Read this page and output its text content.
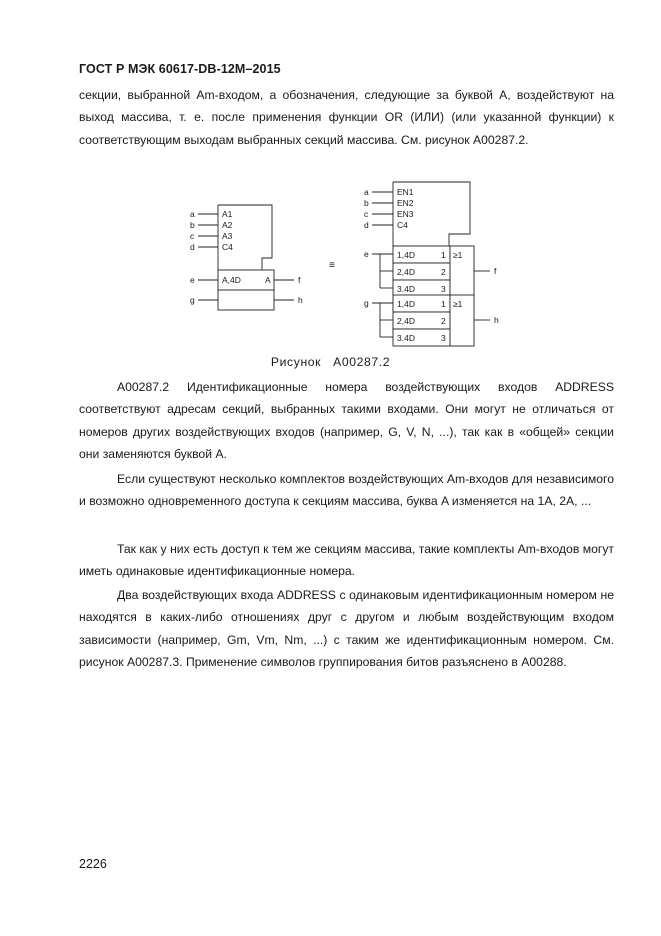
ГОСТ Р МЭК 60617-DB-12M–2015

секции, выбранной Am-входом, а обозначения, следующие за буквой A, воздействуют на выход массива, т. е. после применения функции OR (ИЛИ) (или указанной функции) к соответствующим выходам выбранных секций массива. См. рисунок A00287.2.

a
b
c
d
A1
A2
A3
C4
A,4D	A
e
g
f
h
≡
a
b
c
d
EN1
EN2
EN3
C4
1,4D
2,4D
3.4D
1
2
3
≥1
e
f
1,4D
2,4D
3.4D
1
2
3
≥1
g
h
Рисунок A00287.2

A00287.2 Идентификационные номера воздействующих входов ADDRESS соответствуют адресам секций, выбранных такими входами. Они могут не отличаться от номеров других воздействующих входов (например, G, V, N, ...), так как в «общей» секции они заменяются буквой A.

Если существуют несколько комплектов воздействующих Am-входов для независимого и возможно одновременного доступа к секциям массива, буква A изменяется на 1A, 2A, ...

Так как у них есть доступ к тем же секциям массива, такие комплекты Am-входов могут иметь одинаковые идентификационные номера.

Два воздействующих входа ADDRESS с одинаковым идентификационным номером не находятся в каких-либо отношениях друг с другом и любым воздействующим входом зависимости (например, Gm, Vm, Nm, ...) с таким же идентификационным номером. См. рисунок A00287.3. Применение символов группирования битов разъяснено в A00288.

2226
